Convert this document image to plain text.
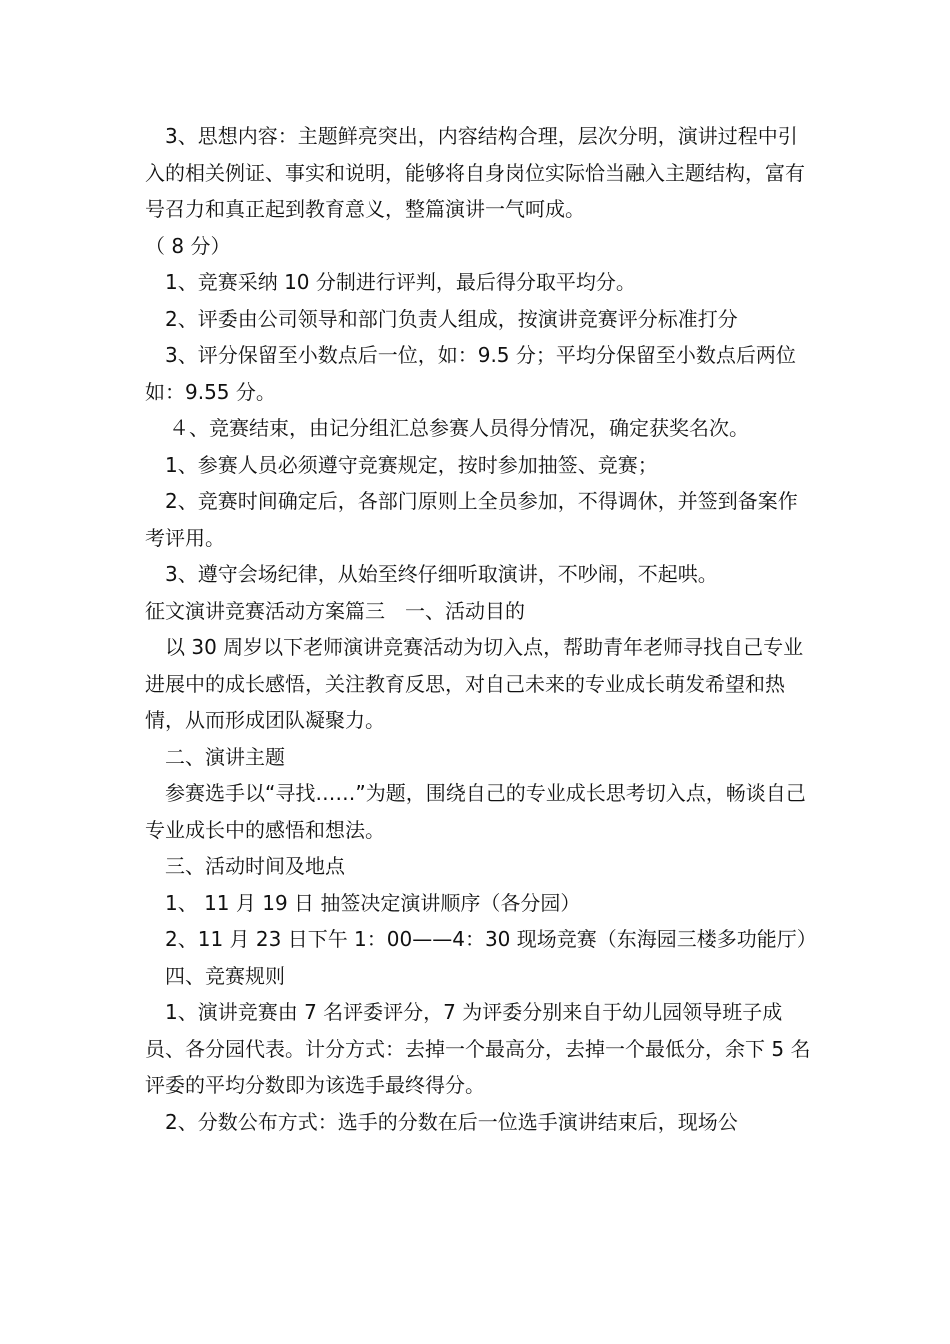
3、思想内容：主题鲜亮突出，内容结构合理，层次分明，演讲过程中引入的相关例证、事实和说明，能够将自身岗位实际恰当融入主题结构，富有号召力和真正起到教育意义，整篇演讲一气呵成。

（ 8 分）

1、竞赛采纳 10 分制进行评判，最后得分取平均分。

2、评委由公司领导和部门负责人组成，按演讲竞赛评分标准打分

3、评分保留至小数点后一位，如：9.5 分；平均分保留至小数点后两位如：9.55 分。

４、竞赛结束，由记分组汇总参赛人员得分情况，确定获奖名次。

1、参赛人员必须遵守竞赛规定，按时参加抽签、竞赛；

2、竞赛时间确定后，各部门原则上全员参加，不得调休，并签到备案作考评用。

3、遵守会场纪律，从始至终仔细听取演讲，不吵闹，不起哄。

征文演讲竞赛活动方案篇三　一、活动目的

以 30 周岁以下老师演讲竞赛活动为切入点，帮助青年老师寻找自己专业进展中的成长感悟，关注教育反思，对自己未来的专业成长萌发希望和热情，从而形成团队凝聚力。

二、演讲主题

参赛选手以“寻找……”为题，围绕自己的专业成长思考切入点，畅谈自己专业成长中的感悟和想法。

三、活动时间及地点

1、 11 月 19 日 抽签决定演讲顺序（各分园）

2、11 月 23 日下午 1：00——4：30 现场竞赛（东海园三楼多功能厅）

四、竞赛规则

1、演讲竞赛由 7 名评委评分，7 为评委分别来自于幼儿园领导班子成员、各分园代表。计分方式：去掉一个最高分，去掉一个最低分，余下 5 名评委的平均分数即为该选手最终得分。

2、分数公布方式：选手的分数在后一位选手演讲结束后，现场公
